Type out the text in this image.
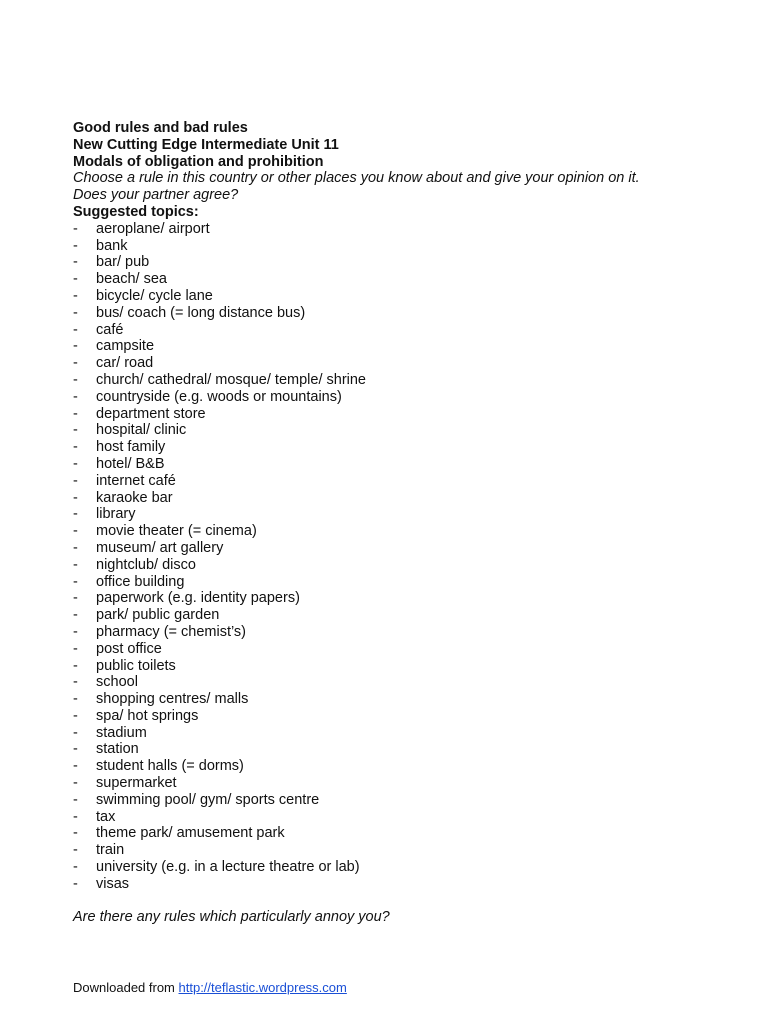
Good rules and bad rules
New Cutting Edge Intermediate Unit 11
Modals of obligation and prohibition
Choose a rule in this country or other places you know about and give your opinion on it.
Does your partner agree?
Suggested topics:
- aeroplane/ airport
- bank
- bar/ pub
- beach/ sea
- bicycle/ cycle lane
- bus/ coach (= long distance bus)
- café
- campsite
- car/ road
- church/ cathedral/ mosque/ temple/ shrine
- countryside (e.g. woods or mountains)
- department store
- hospital/ clinic
- host family
- hotel/ B&B
- internet café
- karaoke bar
- library
- movie theater (= cinema)
- museum/ art gallery
- nightclub/ disco
- office building
- paperwork (e.g. identity papers)
- park/ public garden
- pharmacy (= chemist’s)
- post office
- public toilets
- school
- shopping centres/ malls
- spa/ hot springs
- stadium
- station
- student halls (= dorms)
- supermarket
- swimming pool/ gym/ sports centre
- tax
- theme park/ amusement park
- train
- university (e.g. in a lecture theatre or lab)
- visas
Are there any rules which particularly annoy you?
Downloaded from http://teflastic.wordpress.com
